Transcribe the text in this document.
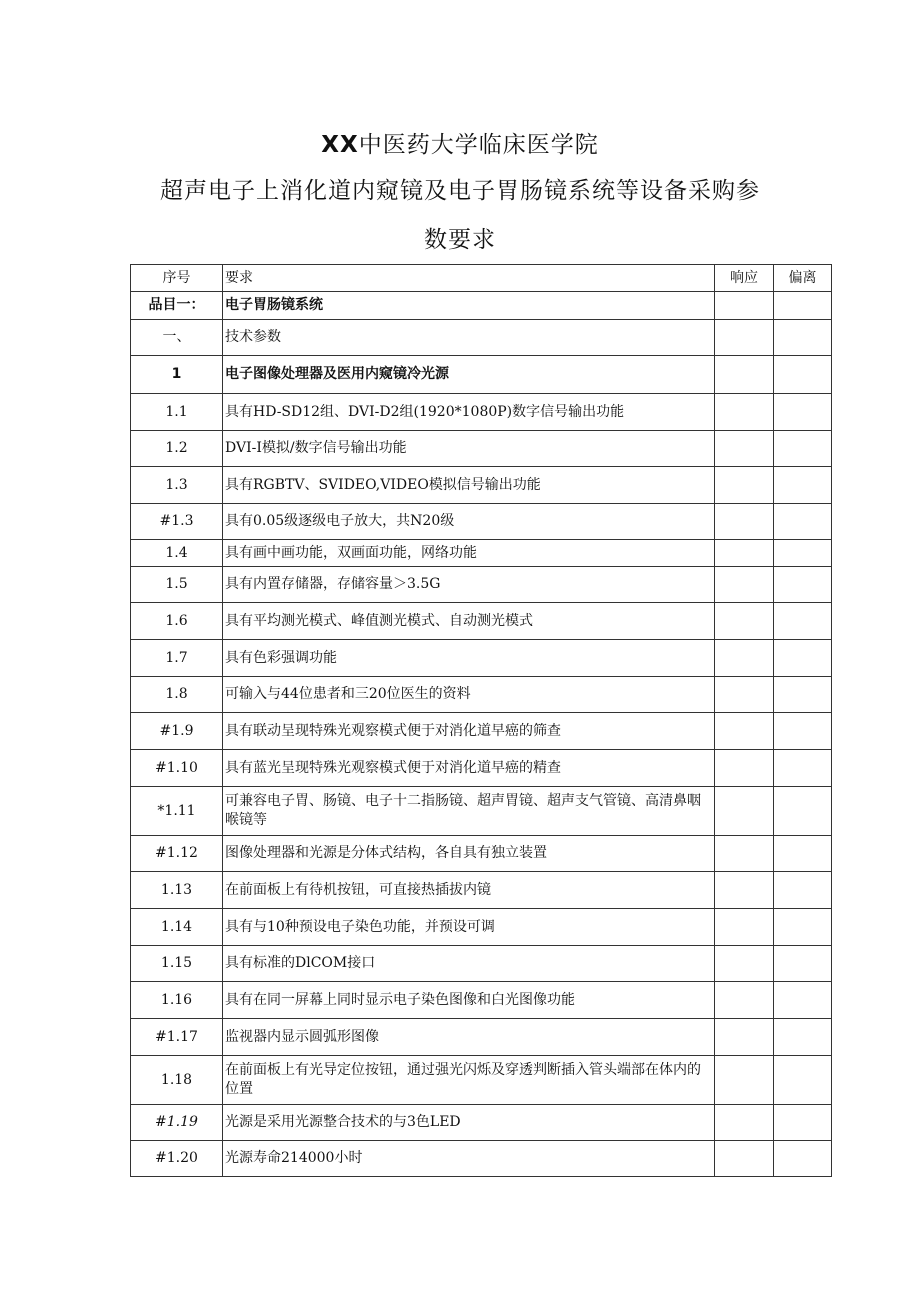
XX中医药大学临床医学院
超声电子上消化道内窥镜及电子胃肠镜系统等设备采购参
数要求
序号	要求	响应	偏离
品目一：	电子胃肠镜系统		
一、	技术参数		
1	电子图像处理器及医用内窥镜冷光源		
1.1	具有HD-SD12组、DVI-D2组(1920*1080P)数字信号输出功能		
1.2	DVI-I模拟/数字信号输出功能		
1.3	具有RGBTV、SVIDEO,VIDEO模拟信号输出功能		
#1.3	具有0.05级逐级电子放大，共N20级		
1.4	具有画中画功能，双画面功能，网络功能		
1.5	具有内置存储器，存储容量＞3.5G		
1.6	具有平均测光模式、峰值测光模式、自动测光模式		
1.7	具有色彩强调功能		
1.8	可输入与44位患者和三20位医生的资料		
#1.9	具有联动呈现特殊光观察模式便于对消化道早癌的筛查		
#1.10	具有蓝光呈现特殊光观察模式便于对消化道早癌的精查		
*1.11	可兼容电子胃、肠镜、电子十二指肠镜、超声胃镜、超声支气管镜、高清鼻咽喉镜等		
#1.12	图像处理器和光源是分体式结构，各自具有独立装置		
1.13	在前面板上有待机按钮，可直接热插拔内镜		
1.14	具有与10种预设电子染色功能，并预设可调		
1.15	具有标准的DlCOM接口		
1.16	具有在同一屏幕上同时显示电子染色图像和白光图像功能		
#1.17	监视器内显示圆弧形图像		
1.18	在前面板上有光导定位按钮，通过强光闪烁及穿透判断插入管头端部在体内的位置		
#1.19	光源是采用光源整合技术的与3色LED		
#1.20	光源寿命214000小时		
